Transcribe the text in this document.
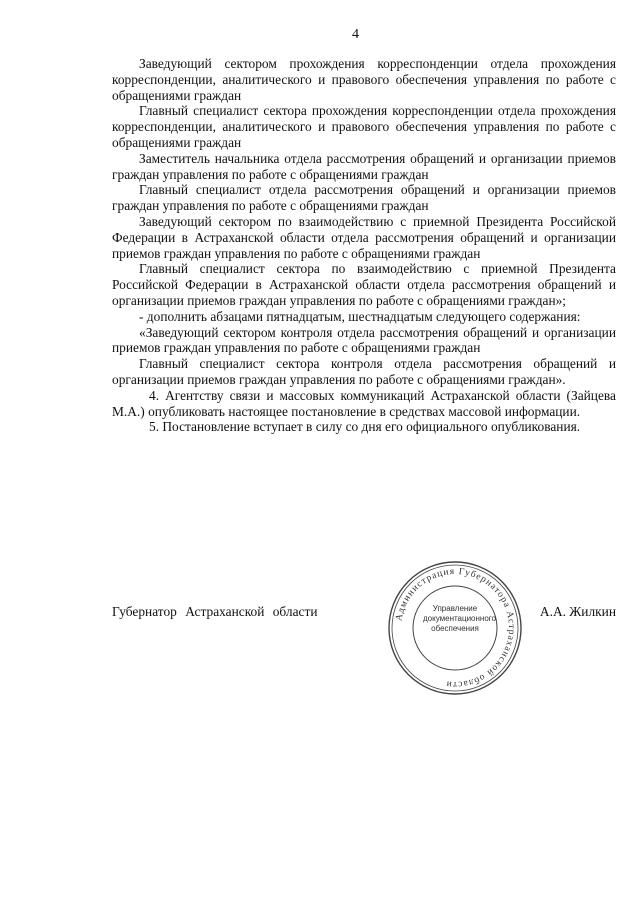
4

Заведующий сектором прохождения корреспонденции отдела прохождения корреспонденции, аналитического и правового обеспечения управления по работе с обращениями граждан

Главный специалист сектора прохождения корреспонденции отдела прохождения корреспонденции, аналитического и правового обеспечения управления по работе с обращениями граждан

Заместитель начальника отдела рассмотрения обращений и организации приемов граждан управления по работе с обращениями граждан

Главный специалист отдела рассмотрения обращений и организации приемов граждан управления по работе с обращениями граждан

Заведующий сектором по взаимодействию с приемной Президента Российской Федерации в Астраханской области отдела рассмотрения обращений и организации приемов граждан управления по работе с обращениями граждан

Главный специалист сектора по взаимодействию с приемной Президента Российской Федерации в Астраханской области отдела рассмотрения обращений и организации приемов граждан управления по работе с обращениями граждан»;

- дополнить абзацами пятнадцатым, шестнадцатым следующего содержания:

«Заведующий сектором контроля отдела рассмотрения обращений и организации приемов граждан управления по работе с обращениями граждан

Главный специалист сектора контроля отдела рассмотрения обращений и организации приемов граждан управления по работе с обращениями граждан».

4. Агентству связи и массовых коммуникаций Астраханской области (Зайцева М.А.) опубликовать настоящее постановление в средствах массовой информации.

5. Постановление вступает в силу со дня его официального опубликования.

Администрация Губернатора Астраханской области
Управление документационного обеспечения
Губернатор Астраханской области	А.А. Жилкин
